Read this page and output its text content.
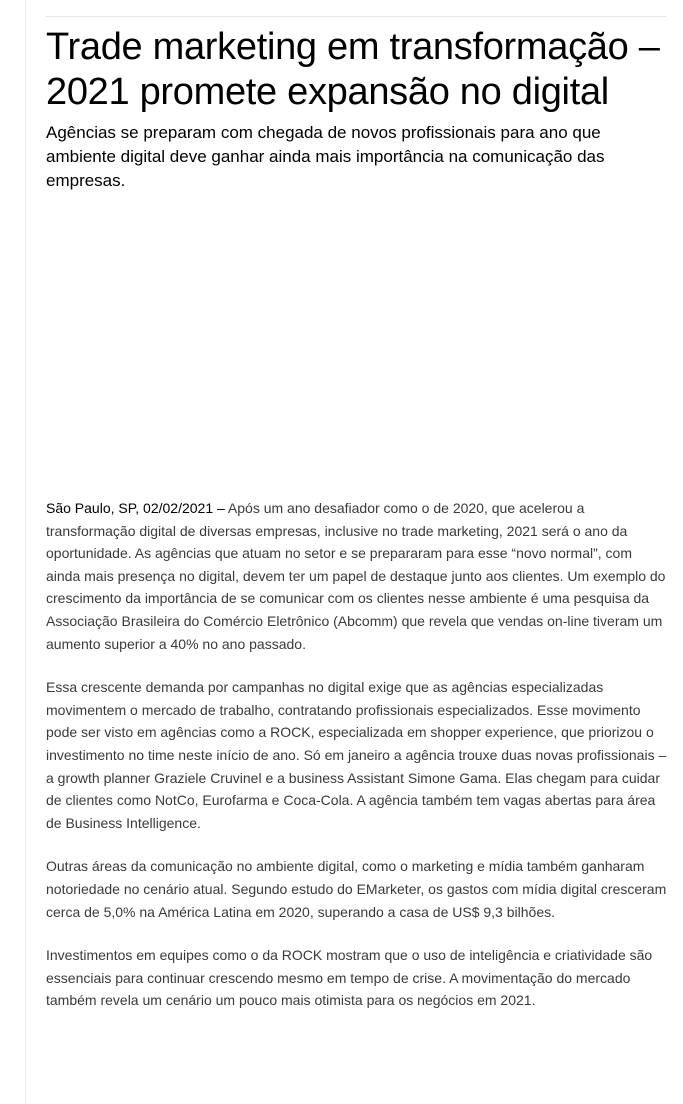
Trade marketing em transformação – 2021 promete expansão no digital

Agências se preparam com chegada de novos profissionais para ano que ambiente digital deve ganhar ainda mais importância na comunicação das empresas.

São Paulo, SP, 02/02/2021 – Após um ano desafiador como o de 2020, que acelerou a transformação digital de diversas empresas, inclusive no trade marketing, 2021 será o ano da oportunidade. As agências que atuam no setor e se prepararam para esse “novo normal”, com ainda mais presença no digital, devem ter um papel de destaque junto aos clientes. Um exemplo do crescimento da importância de se comunicar com os clientes nesse ambiente é uma pesquisa da Associação Brasileira do Comércio Eletrônico (Abcomm) que revela que vendas on-line tiveram um aumento superior a 40% no ano passado.

Essa crescente demanda por campanhas no digital exige que as agências especializadas movimentem o mercado de trabalho, contratando profissionais especializados. Esse movimento pode ser visto em agências como a ROCK, especializada em shopper experience, que priorizou o investimento no time neste início de ano. Só em janeiro a agência trouxe duas novas profissionais – a growth planner Graziele Cruvinel e a business Assistant Simone Gama. Elas chegam para cuidar de clientes como NotCo, Eurofarma e Coca-Cola. A agência também tem vagas abertas para área de Business Intelligence.

Outras áreas da comunicação no ambiente digital, como o marketing e mídia também ganharam notoriedade no cenário atual. Segundo estudo do EMarketer, os gastos com mídia digital cresceram cerca de 5,0% na América Latina em 2020, superando a casa de US$ 9,3 bilhões.

Investimentos em equipes como o da ROCK mostram que o uso de inteligência e criatividade são essenciais para continuar crescendo mesmo em tempo de crise. A movimentação do mercado também revela um cenário um pouco mais otimista para os negócios em 2021.
